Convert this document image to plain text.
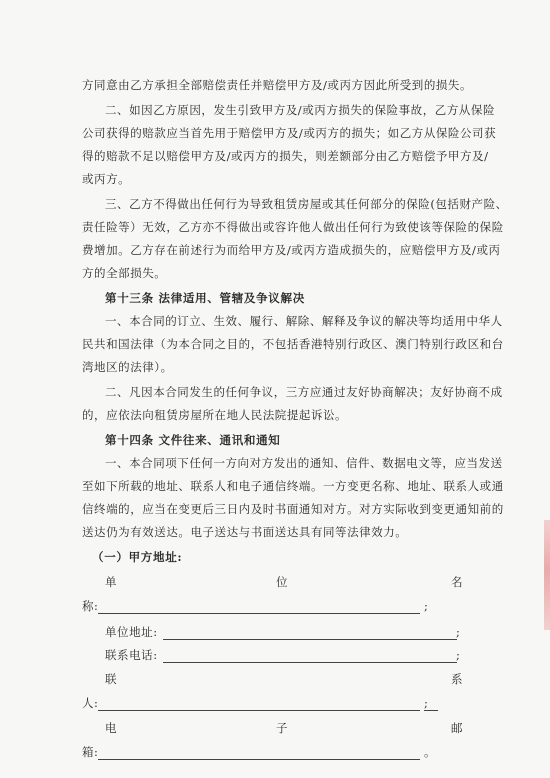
方同意由乙方承担全部赔偿责任并赔偿甲方及/或丙方因此所受到的损失。
二、如因乙方原因，发生引致甲方及/或丙方损失的保险事故，乙方从保险
公司获得的赔款应当首先用于赔偿甲方及/或丙方的损失；如乙方从保险公司获
得的赔款不足以赔偿甲方及/或丙方的损失，则差额部分由乙方赔偿予甲方及/
或丙方。
三、乙方不得做出任何行为导致租赁房屋或其任何部分的保险(包括财产险、
责任险等）无效，乙方亦不得做出或容许他人做出任何行为致使该等保险的保险
费增加。乙方存在前述行为而给甲方及/或丙方造成损失的，应赔偿甲方及/或丙
方的全部损失。
第十三条 法律适用、管辖及争议解决
一、本合同的订立、生效、履行、解除、解释及争议的解决等均适用中华人
民共和国法律（为本合同之目的，不包括香港特别行政区、澳门特别行政区和台
湾地区的法律）。
二、凡因本合同发生的任何争议，三方应通过友好协商解决；友好协商不成
的，应依法向租赁房屋所在地人民法院提起诉讼。
第十四条 文件往来、通讯和通知
一、本合同项下任何一方向对方发出的通知、信件、数据电文等，应当发送
至如下所载的地址、联系人和电子通信终端。一方变更名称、地址、联系人或通
信终端的，应当在变更后三日内及时书面通知对方。对方实际收到变更通知前的
送达仍为有效送达。电子送达与书面送达具有同等法律效力。
（一）甲方地址:
单	位	名
称:	;
单位地址:	;
联系电话:	;
联	系
人:	;
电	子	邮
箱:	。
